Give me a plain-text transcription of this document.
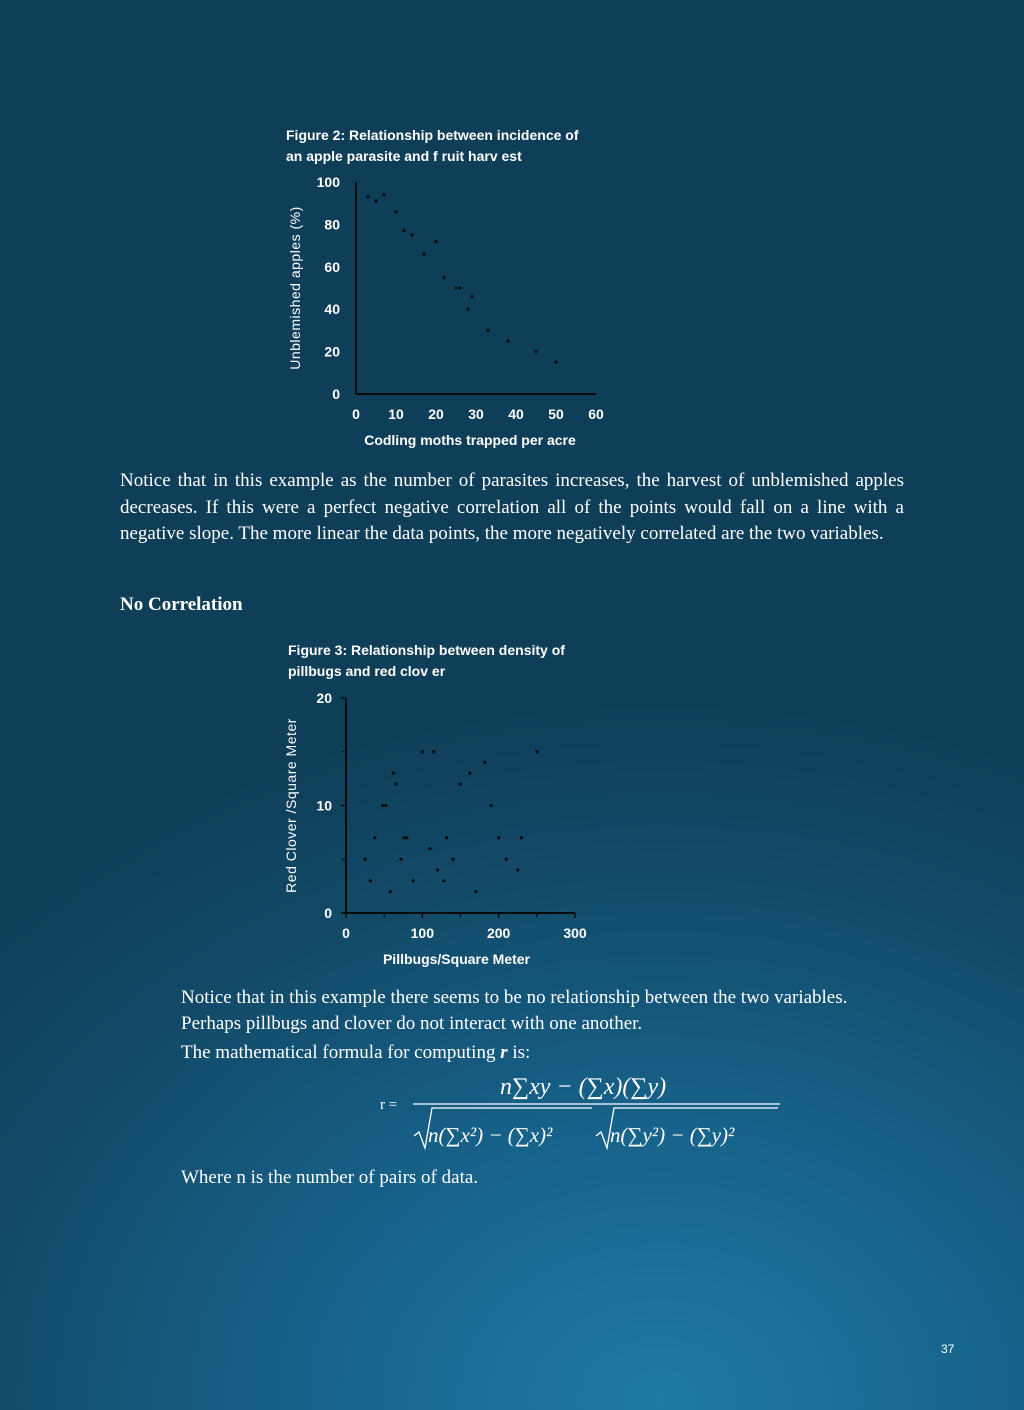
Figure 2: Relationship between incidence of
an apple parasite and f ruit harv est
0 10 20 30 40 50 60
0
20
40
60
80
100
Codling moths trapped per acre
Unblemished apples (%)

Notice that in this example as the number of parasites increases, the harvest of unblemished apples decreases. If this were a perfect negative correlation all of the points would fall on a line with a negative slope. The more linear the data points, the more negatively correlated are the two variables.

No Correlation

Figure 3: Relationship between density of
pillbugs and red clov er
0	100	200	300
0
10
20
Pillbugs/Square Meter
Red Clover /Square Meter

Notice that in this example there seems to be no relationship between the two variables.

Perhaps pillbugs and clover do not interact with one another.

The mathematical formula for computing r is:

r =
n∑xy − (∑x)(∑y)
n(∑x²) − (∑x)²	n(∑y²) − (∑y)²

Where n is the number of pairs of data.

37
